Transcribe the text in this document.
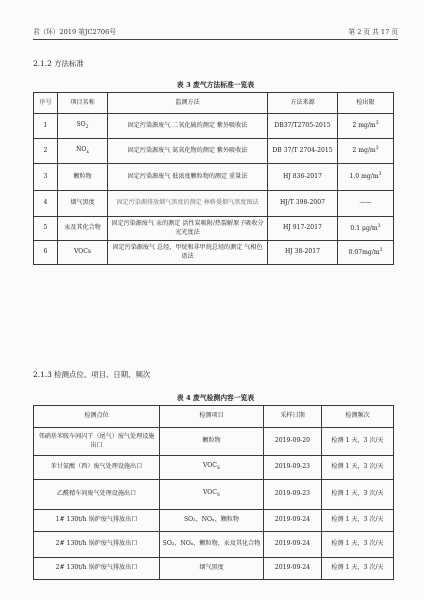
君（环）2019 第JC2706号	第 2 页 共 17 页
2.1.2 方法标准
表 3 废气方法标准一览表
序号	项目名称	监测方法	方法来源	检出限
1	$SO_2$	固定污染源废气 二氧化硫的测定 紫外吸收法	DB37/T2705-2015	2 $mg/m^3$
2	$NO_x$	固定污染源废气 氮氧化物的测定 紫外吸收法	DB 37/T 2704-2015	2 $mg/m^3$
3	颗粒物	固定污染源废气 低浓度颗粒物的测定 重量法	HJ 836-2017	1.0 $mg/m^3$
4	烟气黑度	固定污染源排放烟气黑度的测定 林格曼烟气黑度图法	HJ/T 398-2007	——
5	汞及其化合物	固定污染源废气 汞的测定 活性炭吸附/热裂解原子吸收分光光度法	HJ 917-2017	0.1 $\mu g/m^3$
6	VOCs	固定污染源废气 总烃、甲烷和非甲烷总烃的测定 气相色谱法	HJ 38-2017	$0.07mg/m^3$
2.1.3 检测点位、项目、日期、频次
表 4 废气检测内容一览表
检测点位	检测项目	采样日期	检测频次
邻硝基苯胺车间闪干（尾气）废气处理设施出口	颗粒物	2019-09-20	检测 1 天，3 次/天
苯甘氨酸（西）废气处理设施出口	$VOC_S$	2019-09-23	检测 1 天，3 次/天
乙酰精车间废气处理设施出口	$VOC_S$	2019-09-23	检测 1 天，3 次/天
1# 130t/h 锅炉废气排放出口	SO₂、NOₓ、颗粒物	2019-09-24	检测 1 天，3 次/天
2# 130t/h 锅炉废气排放出口	SO₂、NOₓ、颗粒物、汞及其化合物	2019-09-24	检测 1 天，3 次/天
2# 130t/h 锅炉废气排放出口	烟气黑度	2019-09-24	检测 1 天，3 次/天
